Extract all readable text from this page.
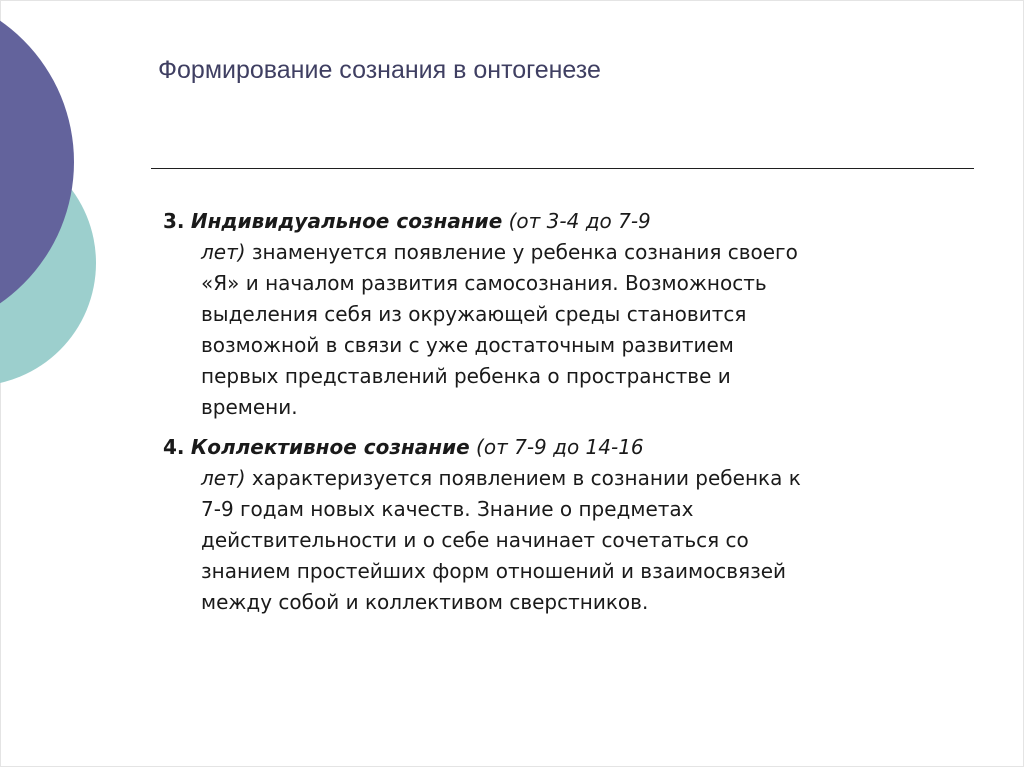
Формирование сознания в онтогенезе
3. Индивидуальное сознание (от 3-4 до 7-9
лет) знаменуется появление у ребенка сознания своего
«Я» и началом развития самосознания. Возможность
выделения себя из окружающей среды становится
возможной в связи с уже достаточным развитием
первых представлений ребенка о пространстве и
времени.
4. Коллективное сознание (от 7-9 до 14-16
лет) характеризуется появлением в сознании ребенка к
7-9 годам новых качеств. Знание о предметах
действительности и о себе начинает сочетаться со
знанием простейших форм отношений и взаимосвязей
между собой и коллективом сверстников.
